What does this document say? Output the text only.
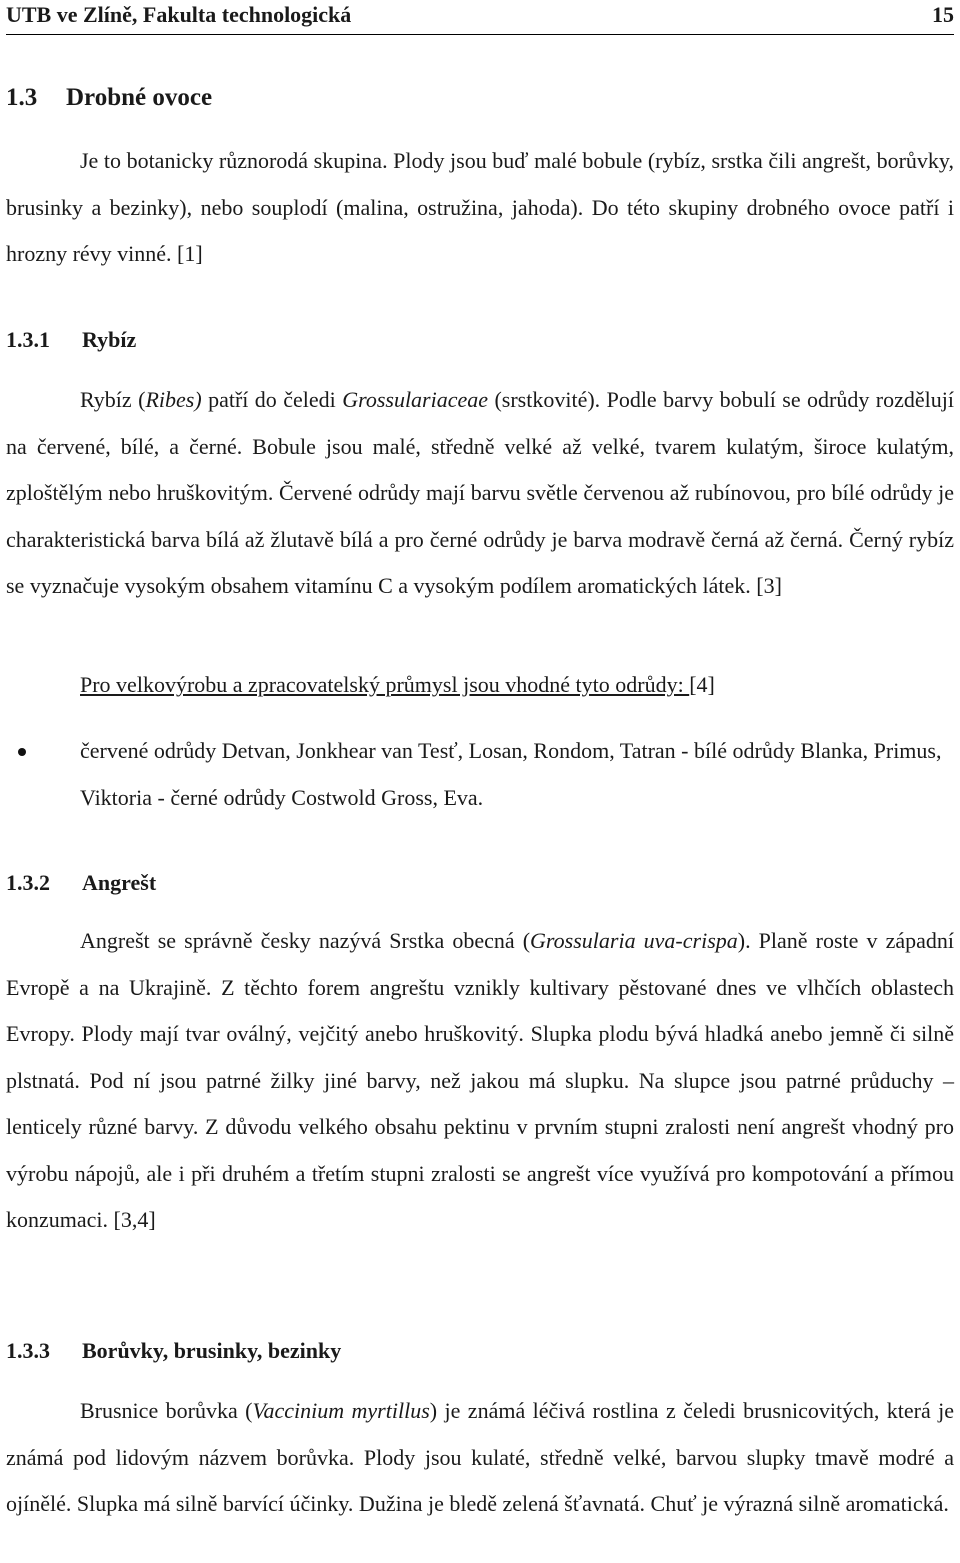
UTB ve Zlíně, Fakulta technologická	15
1.3 Drobné ovoce
Je to botanicky různorodá skupina. Plody jsou buď malé bobule (rybíz, srstka čili angrešt, borůvky, brusinky a bezinky), nebo souplodí (malina, ostružina, jahoda). Do této skupiny drobného ovoce patří i hrozny révy vinné. [1]
1.3.1 Rybíz
Rybíz (Ribes) patří do čeledi Grossulariaceae (srstkovité). Podle barvy bobulí se odrůdy rozdělují na červené, bílé, a černé. Bobule jsou malé, středně velké až velké, tvarem kulatým, široce kulatým, zploštělým nebo hruškovitým. Červené odrůdy mají barvu světle červenou až rubínovou, pro bílé odrůdy je charakteristická barva bílá až žlutavě bílá a pro černé odrůdy je barva modravě černá až černá. Černý rybíz se vyznačuje vysokým obsahem vitamínu C a vysokým podílem aromatických látek. [3]
Pro velkovýrobu a zpracovatelský průmysl jsou vhodné tyto odrůdy: [4]
červené odrůdy Detvan, Jonkhear van Tesť, Losan, Rondom, Tatran - bílé odrůdy Blanka, Primus, Viktoria - černé odrůdy Costwold Gross, Eva.
1.3.2 Angrešt
Angrešt se správně česky nazývá Srstka obecná (Grossularia uva-crispa). Planě roste v západní Evropě a na Ukrajině. Z těchto forem angreštu vznikly kultivary pěstované dnes ve vlhčích oblastech Evropy. Plody mají tvar oválný, vejčitý anebo hruškovitý. Slupka plodu bývá hladká anebo jemně či silně plstnatá. Pod ní jsou patrné žilky jiné barvy, než jakou má slupku. Na slupce jsou patrné průduchy – lenticely různé barvy. Z důvodu velkého obsahu pektinu v prvním stupni zralosti není angrešt vhodný pro výrobu nápojů, ale i při druhém a třetím stupni zralosti se angrešt více využívá pro kompotování a přímou konzumaci. [3,4]
1.3.3 Borůvky, brusinky, bezinky
Brusnice borůvka (Vaccinium myrtillus) je známá léčivá rostlina z čeledi brusnicovitých, která je známá pod lidovým názvem borůvka. Plody jsou kulaté, středně velké, barvou slupky tmavě modré a ojínělé. Slupka má silně barvící účinky. Dužina je bledě zelená šťavnatá. Chuť je výrazná silně aromatická.
